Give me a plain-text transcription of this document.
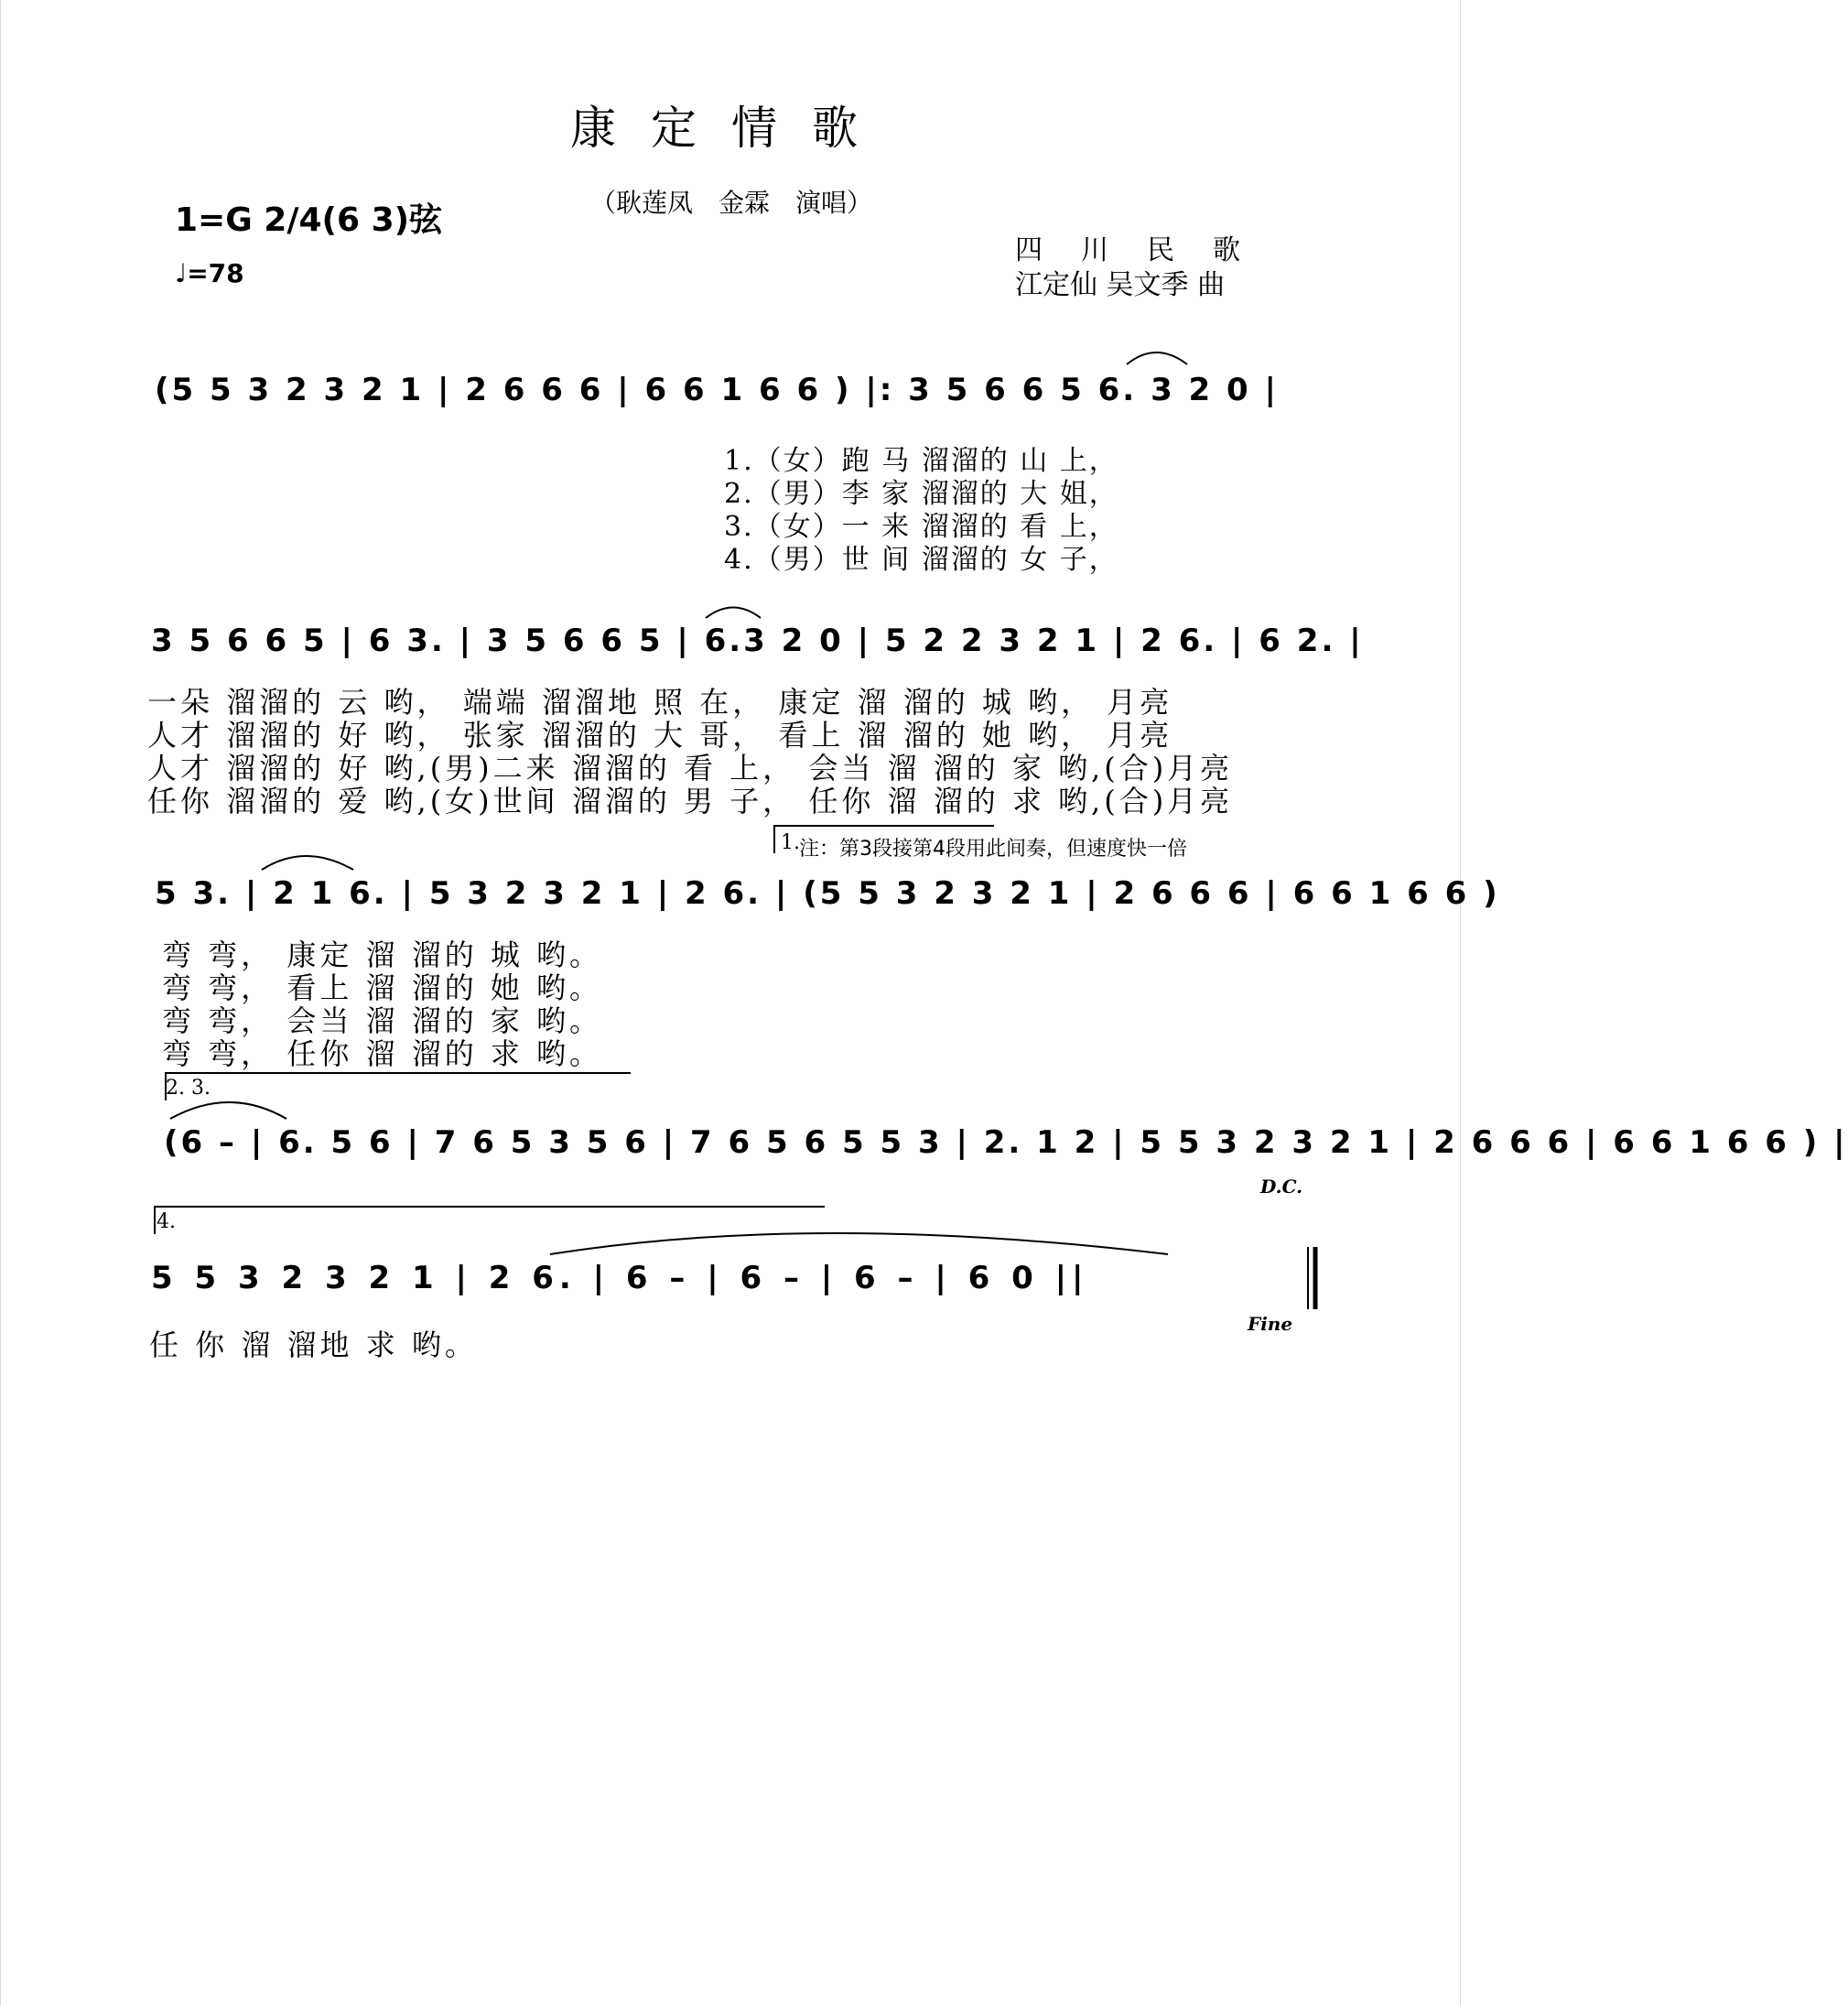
康定情歌
（耿莲凤　金霖　演唱）
1=G 2/4(6 3)弦
♩=78
四　川　民　歌
江定仙 吴文季 曲
(5 5 3 2 3 2 1 | 2 6 6 6 | 6 6 1 6 6 ) |: 3 5 6 6 5 6. 3 2 0 |
1.（女）跑 马 溜溜的 山 上，
2.（男）李 家 溜溜的 大 姐，
3.（女）一 来 溜溜的 看 上，
4.（男）世 间 溜溜的 女 子，
3 5 6 6 5 | 6 3. | 3 5 6 6 5 | 6.3 2 0 | 5 2 2 3 2 1 | 2 6. | 6 2. |
一朵 溜溜的 云 哟， 端端 溜溜地 照 在， 康定 溜 溜的 城 哟， 月亮
人才 溜溜的 好 哟， 张家 溜溜的 大 哥， 看上 溜 溜的 她 哟， 月亮
人才 溜溜的 好 哟,(男)二来 溜溜的 看 上， 会当 溜 溜的 家 哟,(合)月亮
任你 溜溜的 爱 哟,(女)世间 溜溜的 男 子， 任你 溜 溜的 求 哟,(合)月亮
1. 注：第3段接第4段用此间奏，但速度快一倍
5 3. | 2 1 6. | 5 3 2 3 2 1 | 2 6. | (5 5 3 2 3 2 1 | 2 6 6 6 | 6 6 1 6 6 )
弯 弯， 康定 溜 溜的 城 哟。
弯 弯， 看上 溜 溜的 她 哟。
弯 弯， 会当 溜 溜的 家 哟。
弯 弯， 任你 溜 溜的 求 哟。
2. 3.
(6 – | 6. 5 6 | 7 6 5 3 5 6 | 7 6 5 6 5 5 3 | 2. 1 2 | 5 5 3 2 3 2 1 | 2 6 6 6 | 6 6 1 6 6 ) |
D.C.
4.
5 5 3 2 3 2 1 | 2 6. | 6 – | 6 – | 6 – | 6 0 ||
Fine
任 你 溜 溜地 求 哟。
